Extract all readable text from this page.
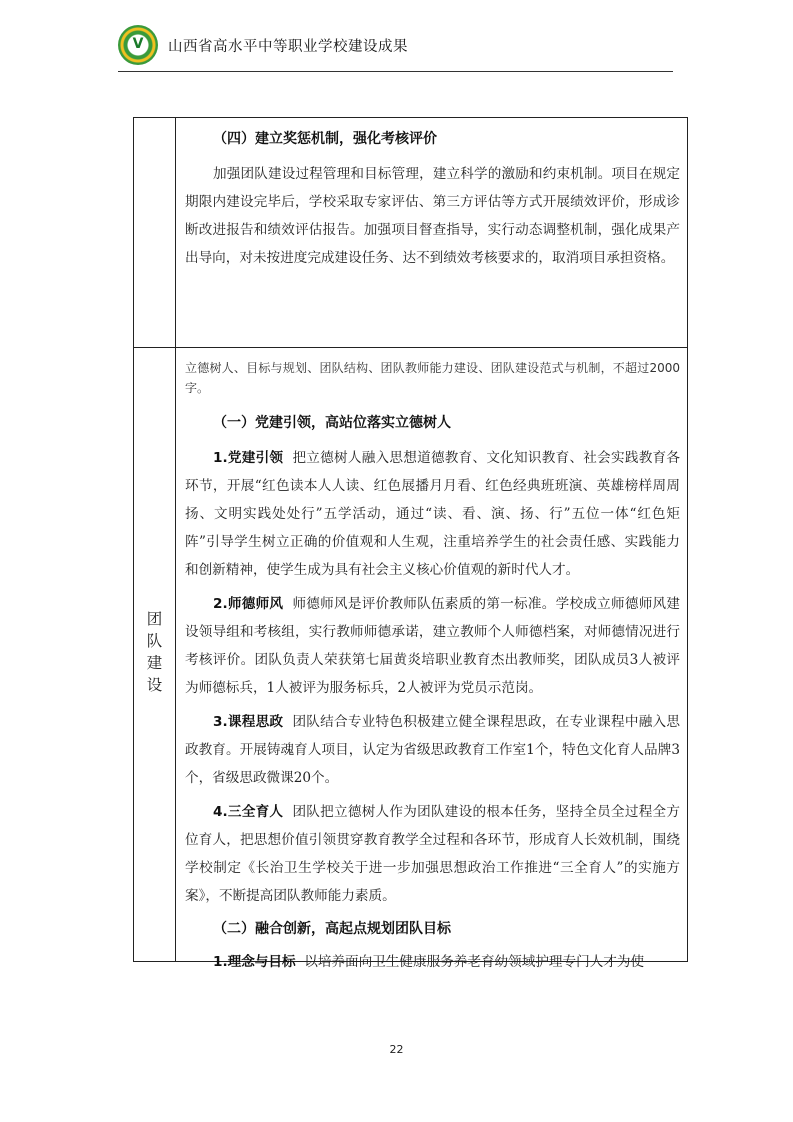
V	山西省高水平中等职业学校建设成果

（四）建立奖惩机制，强化考核评价

加强团队建设过程管理和目标管理，建立科学的激励和约束机制。项目在规定期限内建设完毕后，学校采取专家评估、第三方评估等方式开展绩效评价，形成诊断改进报告和绩效评估报告。加强项目督查指导，实行动态调整机制，强化成果产出导向，对未按进度完成建设任务、达不到绩效考核要求的，取消项目承担资格。

团
队
建
设

立德树人、目标与规划、团队结构、团队教师能力建设、团队建设范式与机制，不超过2000字。

（一）党建引领，高站位落实立德树人

1.党建引领 把立德树人融入思想道德教育、文化知识教育、社会实践教育各环节，开展“红色读本人人读、红色展播月月看、红色经典班班演、英雄榜样周周扬、文明实践处处行”五学活动，通过“读、看、演、扬、行”五位一体“红色矩阵”引导学生树立正确的价值观和人生观，注重培养学生的社会责任感、实践能力和创新精神，使学生成为具有社会主义核心价值观的新时代人才。

2.师德师风 师德师风是评价教师队伍素质的第一标准。学校成立师德师风建设领导组和考核组，实行教师师德承诺，建立教师个人师德档案，对师德情况进行考核评价。团队负责人荣获第七届黄炎培职业教育杰出教师奖，团队成员3人被评为师德标兵，1人被评为服务标兵，2人被评为党员示范岗。

3.课程思政 团队结合专业特色积极建立健全课程思政，在专业课程中融入思政教育。开展铸魂育人项目，认定为省级思政教育工作室1个，特色文化育人品牌3个，省级思政微课20个。

4.三全育人 团队把立德树人作为团队建设的根本任务，坚持全员全过程全方位育人，把思想价值引领贯穿教育教学全过程和各环节，形成育人长效机制，围绕学校制定《长治卫生学校关于进一步加强思想政治工作推进“三全育人”的实施方案》，不断提高团队教师能力素质。

（二）融合创新，高起点规划团队目标

1.理念与目标 以培养面向卫生健康服务养老育幼领域护理专门人才为使

22
